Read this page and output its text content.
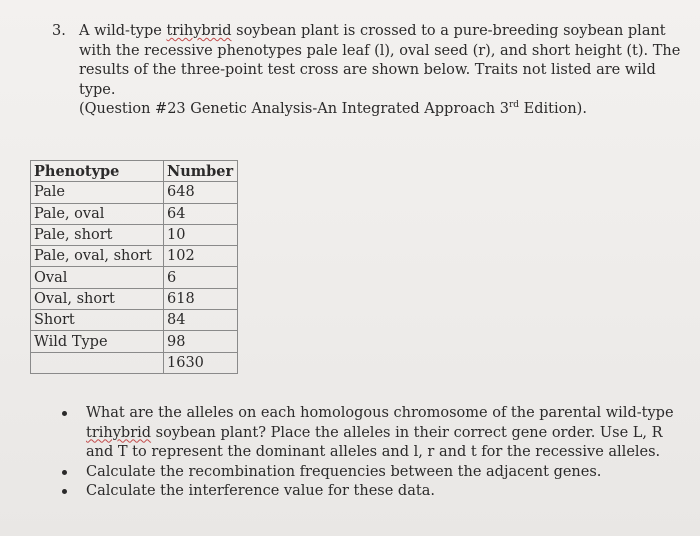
3. A wild-type trihybrid soybean plant is crossed to a pure-breeding soybean plant with the recessive phenotypes pale leaf (l), oval seed (r), and short height (t). The results of the three-point test cross are shown below. Traits not listed are wild type.
(Question #23 Genetic Analysis-An Integrated Approach 3rd Edition).
Phenotype	Number
Pale	648
Pale, oval	64
Pale, short	10
Pale, oval, short	102
Oval	6
Oval, short	618
Short	84
Wild Type	98
	1630
What are the alleles on each homologous chromosome of the parental wild-type trihybrid soybean plant? Place the alleles in their correct gene order. Use L, R and T to represent the dominant alleles and l, r and t for the recessive alleles.
Calculate the recombination frequencies between the adjacent genes.
Calculate the interference value for these data.
